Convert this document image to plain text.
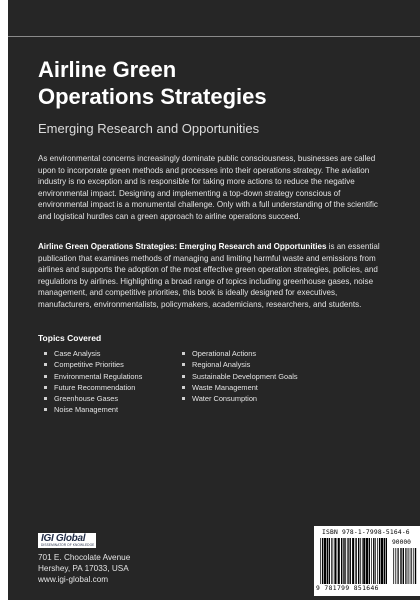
Airline Green
Operations Strategies

Emerging Research and Opportunities

As environmental concerns increasingly dominate public consciousness, businesses are called upon to incorporate green methods and processes into their operations strategy. The aviation industry is no exception and is responsible for taking more actions to reduce the negative environmental impact. Designing and implementing a top-down strategy conscious of environmental impact is a monumental challenge. Only with a full understanding of the scientific and logistical hurdles can a green approach to airline operations succeed.

Airline Green Operations Strategies: Emerging Research and Opportunities is an essential publication that examines methods of managing and limiting harmful waste and emissions from airlines and supports the adoption of the most effective green operation strategies, policies, and regulations by airlines. Highlighting a broad range of topics including greenhouse gases, noise management, and competitive priorities, this book is ideally designed for executives, manufacturers, environmentalists, policymakers, academicians, researchers, and students.

Topics Covered

Case Analysis
Competitive Priorities
Environmental Regulations
Future Recommendation
Greenhouse Gases
Noise Management
Operational Actions
Regional Analysis
Sustainable Development Goals
Waste Management
Water Consumption
IGI Global
DISSEMINATOR OF KNOWLEDGE

701 E. Chocolate Avenue
Hershey, PA 17033, USA
www.igi-global.com

ISBN 978-1-7998-5164-6
90000
9 781799 851646
